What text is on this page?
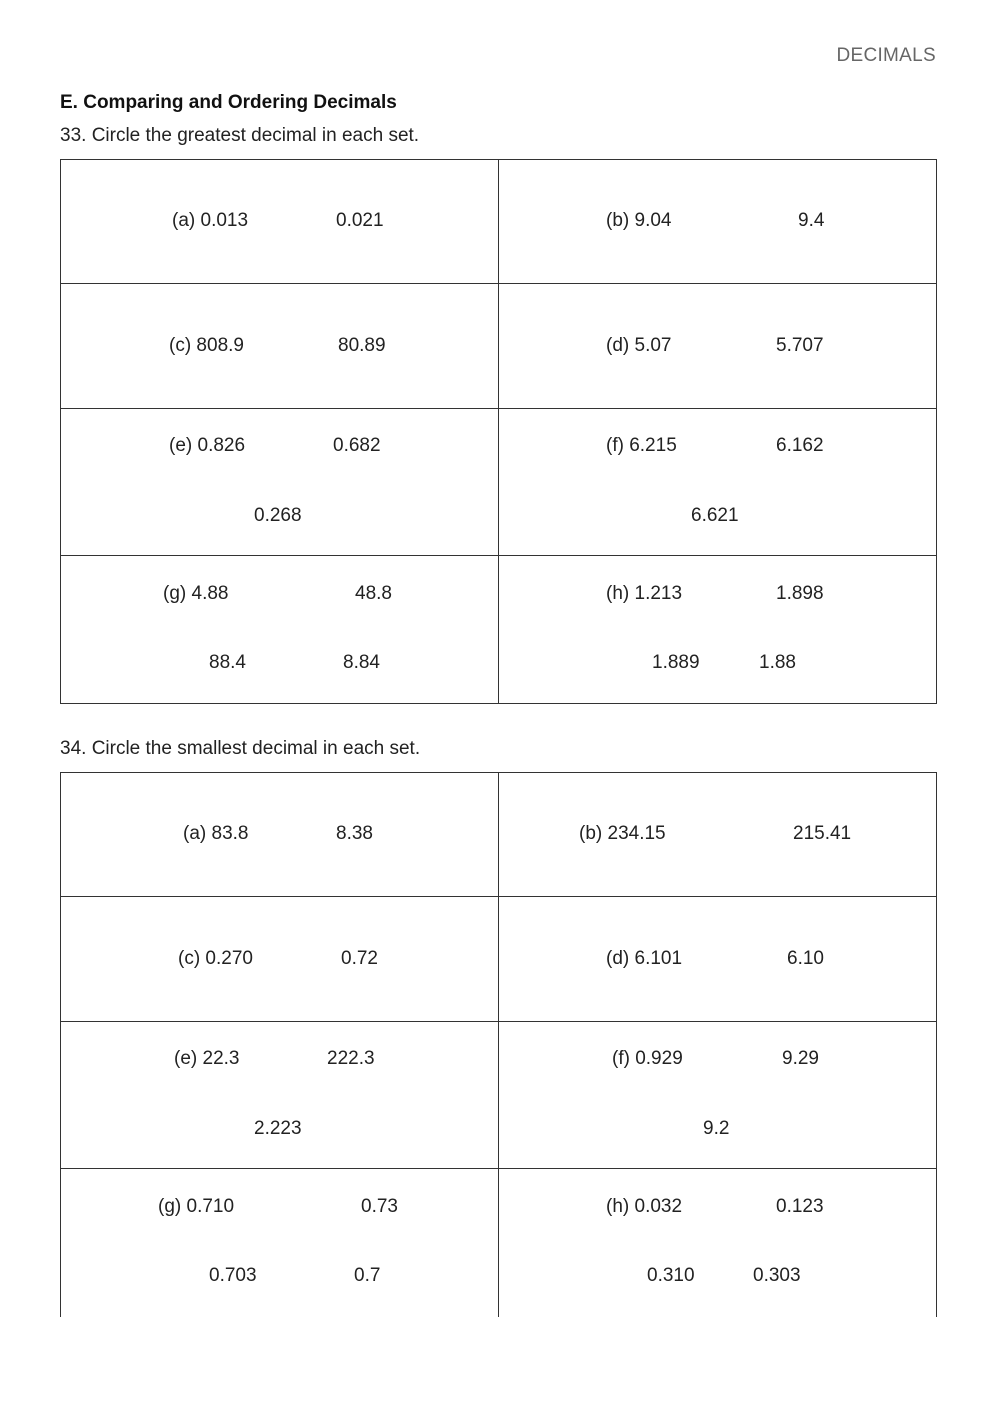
DECIMALS
E. Comparing and Ordering Decimals
33. Circle the greatest decimal in each set.
(a) 0.013	0.021	(b) 9.04	9.4
(c) 808.9	80.89	(d) 5.07	5.707
(e) 0.826	0.682
0.268
(f) 6.215	6.162
6.621
(g) 4.88	48.8
88.4	8.84
(h) 1.213	1.898
1.889	1.88
34. Circle the smallest decimal in each set.
(a) 83.8	8.38	(b) 234.15	215.41
(c) 0.270	0.72	(d) 6.101	6.10
(e) 22.3	222.3
2.223
(f) 0.929	9.29
9.2
(g) 0.710	0.73
0.703	0.7
(h) 0.032	0.123
0.310	0.303
